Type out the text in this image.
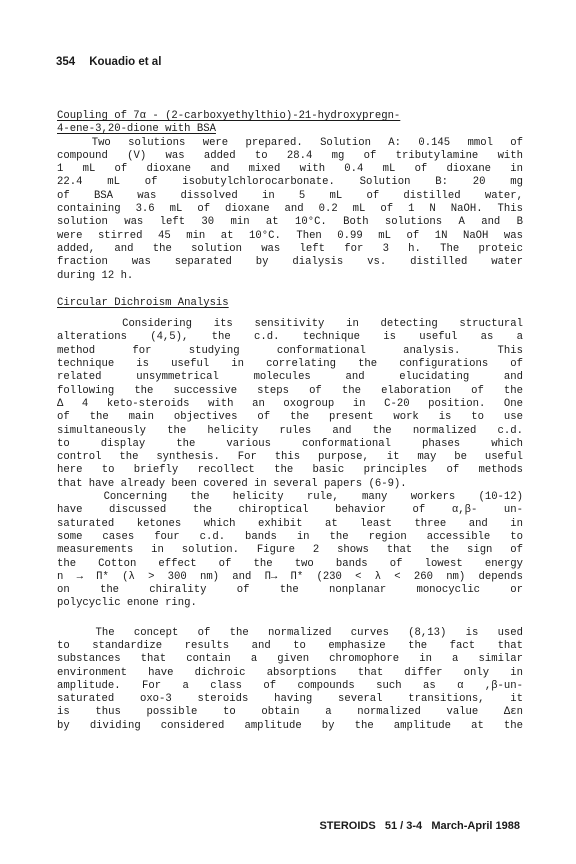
354 Kouadio et al
Coupling of 7α - (2-carboxyethylthio)-21-hydroxypregn-
4-ene-3,20-dione with BSA
Two solutions were prepared. Solution A: 0.145 mmol of
compound (V) was added to 28.4 mg of tributylamine with
1 mL of dioxane and mixed with 0.4 mL of dioxane in
22.4 mL of isobutylchlorocarbonate. Solution B: 20 mg
of BSA was dissolved in 5 mL of distilled water,
containing 3.6 mL of dioxane and 0.2 mL of 1 N NaOH. This
solution was left 30 min at 10°C. Both solutions A and B
were stirred 45 min at 10°C. Then 0.99 mL of 1N NaOH was
added, and the solution was left for 3 h. The proteic
fraction was separated by dialysis vs. distilled water
during 12 h.
Circular Dichroism Analysis
Considering its sensitivity in detecting structural
alterations (4,5), the c.d. technique is useful as a
method for studying conformational analysis. This
technique is useful in correlating the configurations of
related unsymmetrical molecules and elucidating and
following the successive steps of the elaboration of the
Δ 4 keto-steroids with an oxogroup in C-20 position. One
of the main objectives of the present work is to use
simultaneously the helicity rules and the normalized c.d.
to display the various conformational phases which
control the synthesis. For this purpose, it may be useful
here to briefly recollect the basic principles of methods
that have already been covered in several papers (6-9).
Concerning the helicity rule, many workers (10-12)
have discussed the chiroptical behavior of α,β- un-
saturated ketones which exhibit at least three and in
some cases four c.d. bands in the region accessible to
measurements in solution. Figure 2 shows that the sign of
the Cotton effect of the two bands of lowest energy
n → Π* (λ > 300 nm) and Π→ Π* (230 < λ < 260 nm) depends
on the chirality of the nonplanar monocyclic or
polycyclic enone ring.
The concept of the normalized curves (8,13) is used
to standardize results and to emphasize the fact that
substances that contain a given chromophore in a similar
environment have dichroic absorptions that differ only in
amplitude. For a class of compounds such as α ,β-un-
saturated oxo-3 steroids having several transitions, it
is thus possible to obtain a normalized value Δεn
by dividing considered amplitude by the amplitude at the
STEROIDS 51 / 3-4 March-April 1988
